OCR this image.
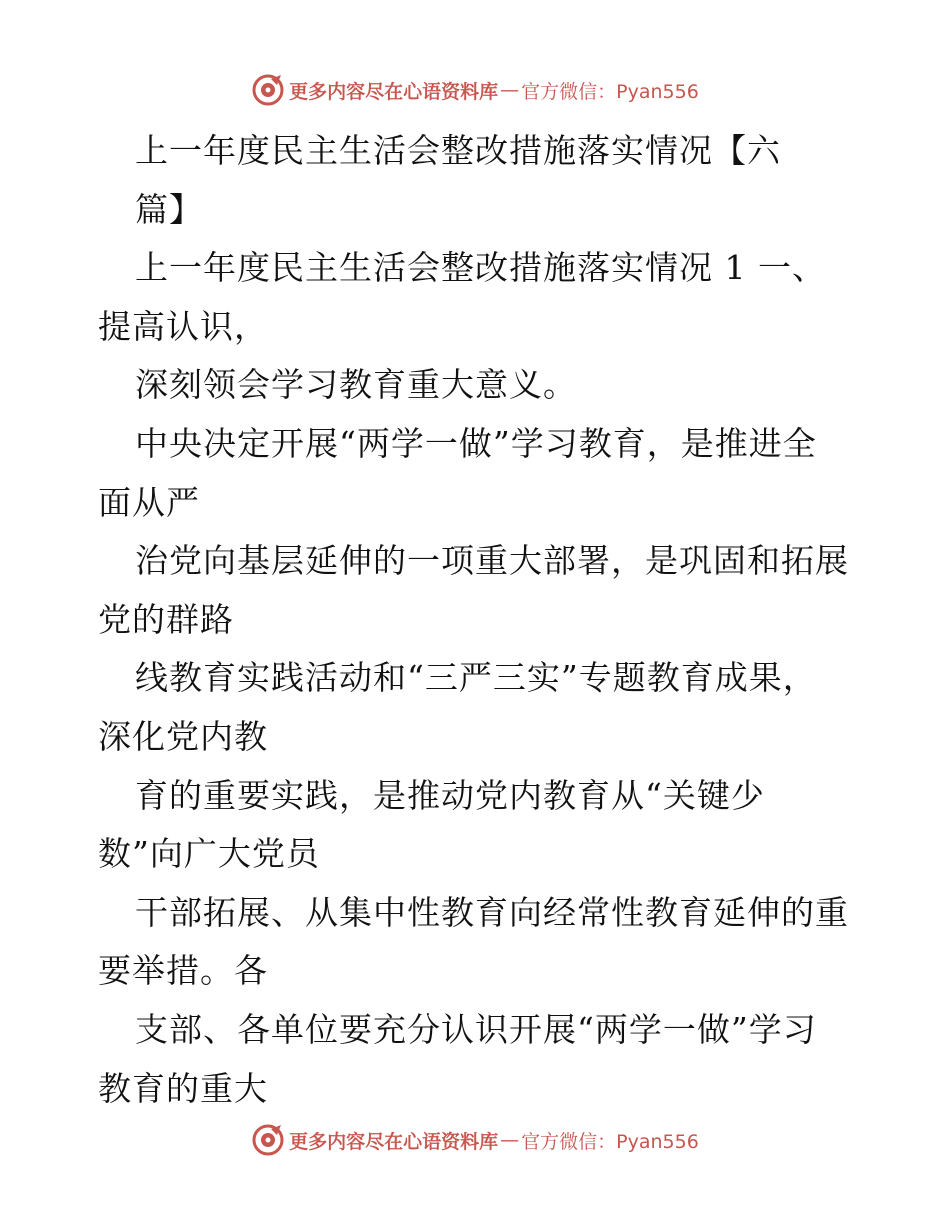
更多内容尽在心语资料库 — 官方微信：Pyan556
上一年度民主生活会整改措施落实情况【六
篇】
上一年度民主生活会整改措施落实情况 1 一、
提高认识，
深刻领会学习教育重大意义。
中央决定开展“两学一做”学习教育，是推进全
面从严
治党向基层延伸的一项重大部署，是巩固和拓展
党的群路
线教育实践活动和“三严三实”专题教育成果，
深化党内教
育的重要实践，是推动党内教育从“关键少
数”向广大党员
干部拓展、从集中性教育向经常性教育延伸的重
要举措。各
支部、各单位要充分认识开展“两学一做”学习
教育的重大
更多内容尽在心语资料库 — 官方微信：Pyan556
